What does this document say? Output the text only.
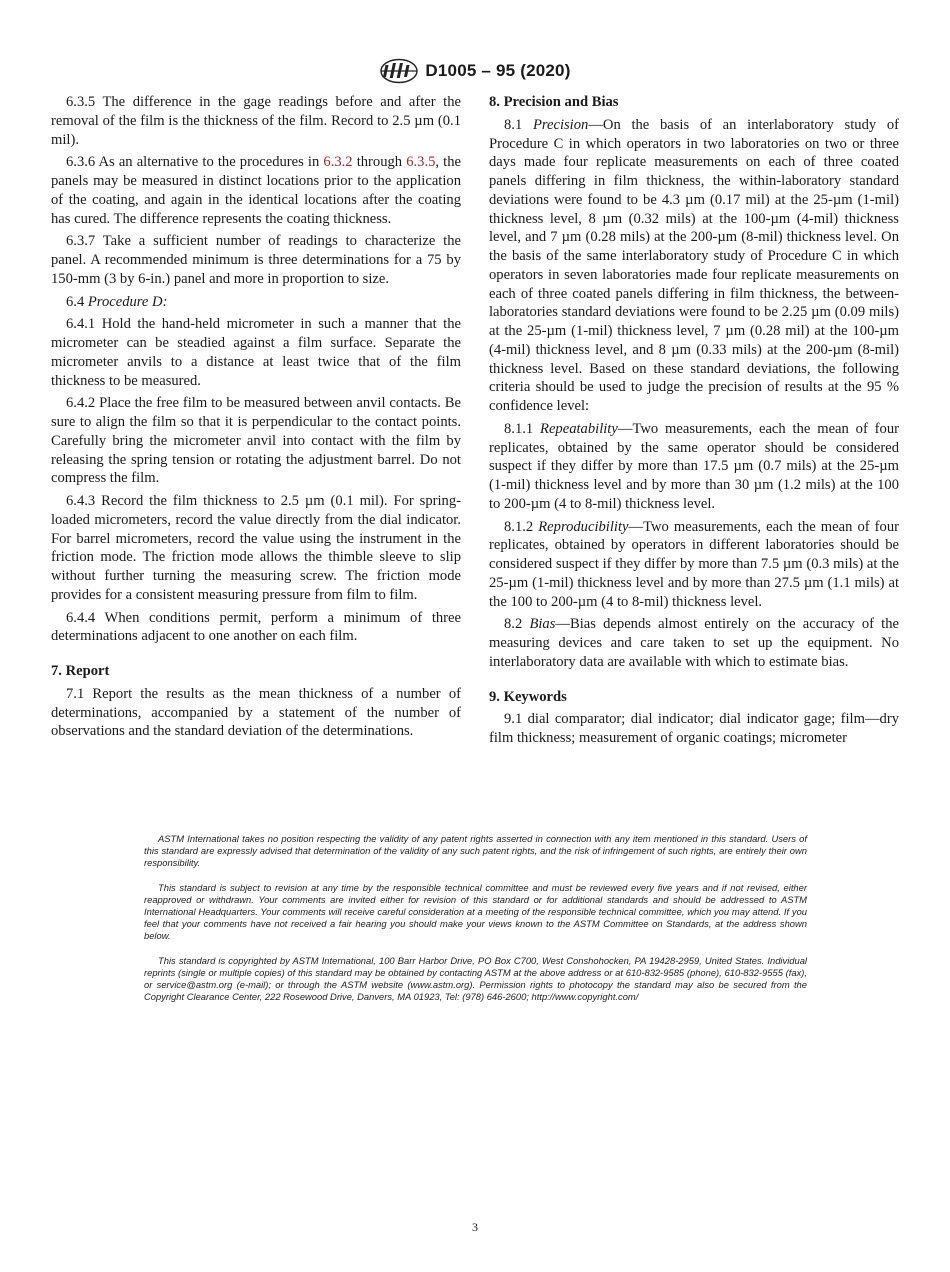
D1005 – 95 (2020)

6.3.5 The difference in the gage readings before and after the removal of the film is the thickness of the film. Record to 2.5 µm (0.1 mil).

6.3.6 As an alternative to the procedures in 6.3.2 through 6.3.5, the panels may be measured in distinct locations prior to the application of the coating, and again in the identical locations after the coating has cured. The difference represents the coating thickness.

6.3.7 Take a sufficient number of readings to characterize the panel. A recommended minimum is three determinations for a 75 by 150-mm (3 by 6-in.) panel and more in proportion to size.

6.4 Procedure D:

6.4.1 Hold the hand-held micrometer in such a manner that the micrometer can be steadied against a film surface. Separate the micrometer anvils to a distance at least twice that of the film thickness to be measured.

6.4.2 Place the free film to be measured between anvil contacts. Be sure to align the film so that it is perpendicular to the contact points. Carefully bring the micrometer anvil into contact with the film by releasing the spring tension or rotating the adjustment barrel. Do not compress the film.

6.4.3 Record the film thickness to 2.5 µm (0.1 mil). For spring-loaded micrometers, record the value directly from the dial indicator. For barrel micrometers, record the value using the instrument in the friction mode. The friction mode allows the thimble sleeve to slip without further turning the measuring screw. The friction mode provides for a consistent measuring pressure from film to film.

6.4.4 When conditions permit, perform a minimum of three determinations adjacent to one another on each film.

7. Report

7.1 Report the results as the mean thickness of a number of determinations, accompanied by a statement of the number of observations and the standard deviation of the determinations.

8. Precision and Bias

8.1 Precision—On the basis of an interlaboratory study of Procedure C in which operators in two laboratories on two or three days made four replicate measurements on each of three coated panels differing in film thickness, the within-laboratory standard deviations were found to be 4.3 µm (0.17 mil) at the 25-µm (1-mil) thickness level, 8 µm (0.32 mils) at the 100-µm (4-mil) thickness level, and 7 µm (0.28 mils) at the 200-µm (8-mil) thickness level. On the basis of the same interlaboratory study of Procedure C in which operators in seven laboratories made four replicate measurements on each of three coated panels differing in film thickness, the between-laboratories standard deviations were found to be 2.25 µm (0.09 mils) at the 25-µm (1-mil) thickness level, 7 µm (0.28 mil) at the 100-µm (4-mil) thickness level, and 8 µm (0.33 mils) at the 200-µm (8-mil) thickness level. Based on these standard deviations, the following criteria should be used to judge the precision of results at the 95 % confidence level:

8.1.1 Repeatability—Two measurements, each the mean of four replicates, obtained by the same operator should be considered suspect if they differ by more than 17.5 µm (0.7 mils) at the 25-µm (1-mil) thickness level and by more than 30 µm (1.2 mils) at the 100 to 200-µm (4 to 8-mil) thickness level.

8.1.2 Reproducibility—Two measurements, each the mean of four replicates, obtained by operators in different laboratories should be considered suspect if they differ by more than 7.5 µm (0.3 mils) at the 25-µm (1-mil) thickness level and by more than 27.5 µm (1.1 mils) at the 100 to 200-µm (4 to 8-mil) thickness level.

8.2 Bias—Bias depends almost entirely on the accuracy of the measuring devices and care taken to set up the equipment. No interlaboratory data are available with which to estimate bias.

9. Keywords

9.1 dial comparator; dial indicator; dial indicator gage; film—dry film thickness; measurement of organic coatings; micrometer

ASTM International takes no position respecting the validity of any patent rights asserted in connection with any item mentioned in this standard. Users of this standard are expressly advised that determination of the validity of any such patent rights, and the risk of infringement of such rights, are entirely their own responsibility.

This standard is subject to revision at any time by the responsible technical committee and must be reviewed every five years and if not revised, either reapproved or withdrawn. Your comments are invited either for revision of this standard or for additional standards and should be addressed to ASTM International Headquarters. Your comments will receive careful consideration at a meeting of the responsible technical committee, which you may attend. If you feel that your comments have not received a fair hearing you should make your views known to the ASTM Committee on Standards, at the address shown below.

This standard is copyrighted by ASTM International, 100 Barr Harbor Drive, PO Box C700, West Conshohocken, PA 19428-2959, United States. Individual reprints (single or multiple copies) of this standard may be obtained by contacting ASTM at the above address or at 610-832-9585 (phone), 610-832-9555 (fax), or service@astm.org (e-mail); or through the ASTM website (www.astm.org). Permission rights to photocopy the standard may also be secured from the Copyright Clearance Center, 222 Rosewood Drive, Danvers, MA 01923, Tel: (978) 646-2600; http://www.copyright.com/

3
